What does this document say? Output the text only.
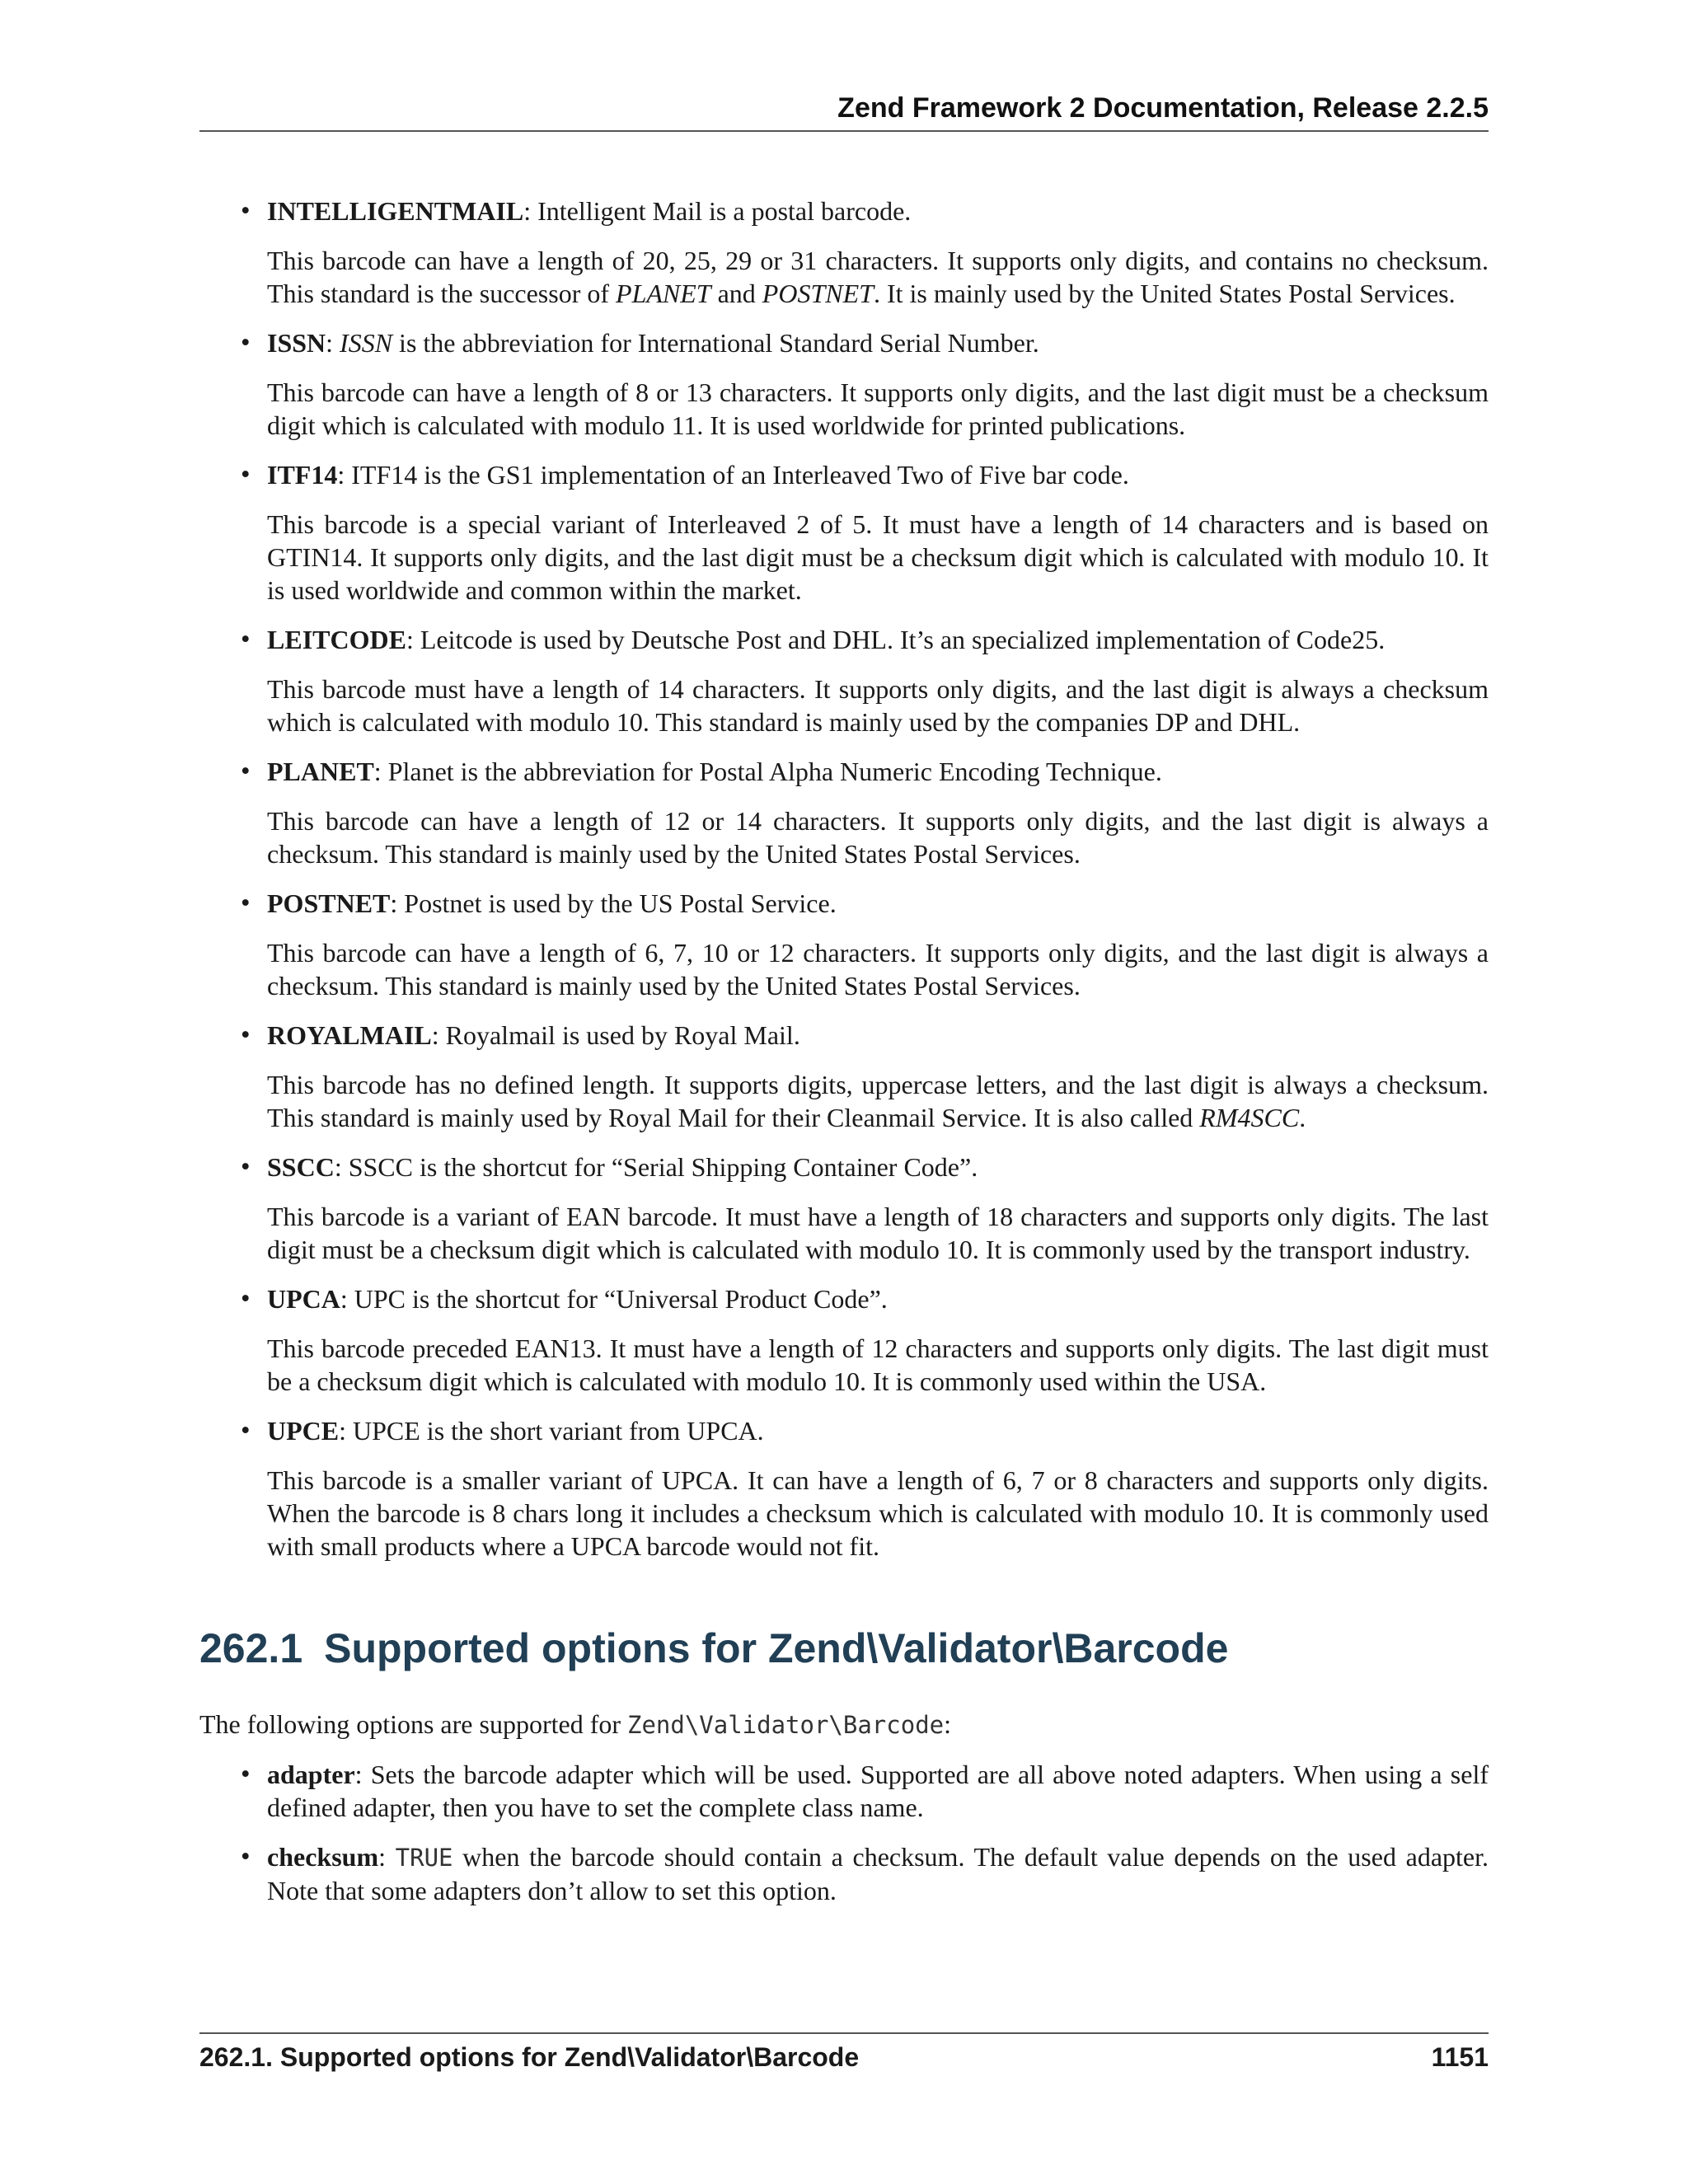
Zend Framework 2 Documentation, Release 2.2.5
• INTELLIGENTMAIL: Intelligent Mail is a postal barcode.

This barcode can have a length of 20, 25, 29 or 31 characters. It supports only digits, and contains no checksum. This standard is the successor of PLANET and POSTNET. It is mainly used by the United States Postal Services.

• ISSN: ISSN is the abbreviation for International Standard Serial Number.

This barcode can have a length of 8 or 13 characters. It supports only digits, and the last digit must be a checksum digit which is calculated with modulo 11. It is used worldwide for printed publications.

• ITF14: ITF14 is the GS1 implementation of an Interleaved Two of Five bar code.

This barcode is a special variant of Interleaved 2 of 5. It must have a length of 14 characters and is based on GTIN14. It supports only digits, and the last digit must be a checksum digit which is calculated with modulo 10. It is used worldwide and common within the market.

• LEITCODE: Leitcode is used by Deutsche Post and DHL. It’s an specialized implementation of Code25.

This barcode must have a length of 14 characters. It supports only digits, and the last digit is always a checksum which is calculated with modulo 10. This standard is mainly used by the companies DP and DHL.

• PLANET: Planet is the abbreviation for Postal Alpha Numeric Encoding Technique.

This barcode can have a length of 12 or 14 characters. It supports only digits, and the last digit is always a checksum. This standard is mainly used by the United States Postal Services.

• POSTNET: Postnet is used by the US Postal Service.

This barcode can have a length of 6, 7, 10 or 12 characters. It supports only digits, and the last digit is always a checksum. This standard is mainly used by the United States Postal Services.

• ROYALMAIL: Royalmail is used by Royal Mail.

This barcode has no defined length. It supports digits, uppercase letters, and the last digit is always a checksum. This standard is mainly used by Royal Mail for their Cleanmail Service. It is also called RM4SCC.

• SSCC: SSCC is the shortcut for “Serial Shipping Container Code”.

This barcode is a variant of EAN barcode. It must have a length of 18 characters and supports only digits. The last digit must be a checksum digit which is calculated with modulo 10. It is commonly used by the transport industry.

• UPCA: UPC is the shortcut for “Universal Product Code”.

This barcode preceded EAN13. It must have a length of 12 characters and supports only digits. The last digit must be a checksum digit which is calculated with modulo 10. It is commonly used within the USA.

• UPCE: UPCE is the short variant from UPCA.

This barcode is a smaller variant of UPCA. It can have a length of 6, 7 or 8 characters and supports only digits. When the barcode is 8 chars long it includes a checksum which is calculated with modulo 10. It is commonly used with small products where a UPCA barcode would not fit.

262.1 Supported options for Zend\Validator\Barcode

The following options are supported for Zend\Validator\Barcode:

• adapter: Sets the barcode adapter which will be used. Supported are all above noted adapters. When using a self defined adapter, then you have to set the complete class name.

• checksum: TRUE when the barcode should contain a checksum. The default value depends on the used adapter. Note that some adapters don’t allow to set this option.

262.1. Supported options for Zend\Validator\Barcode	1151
